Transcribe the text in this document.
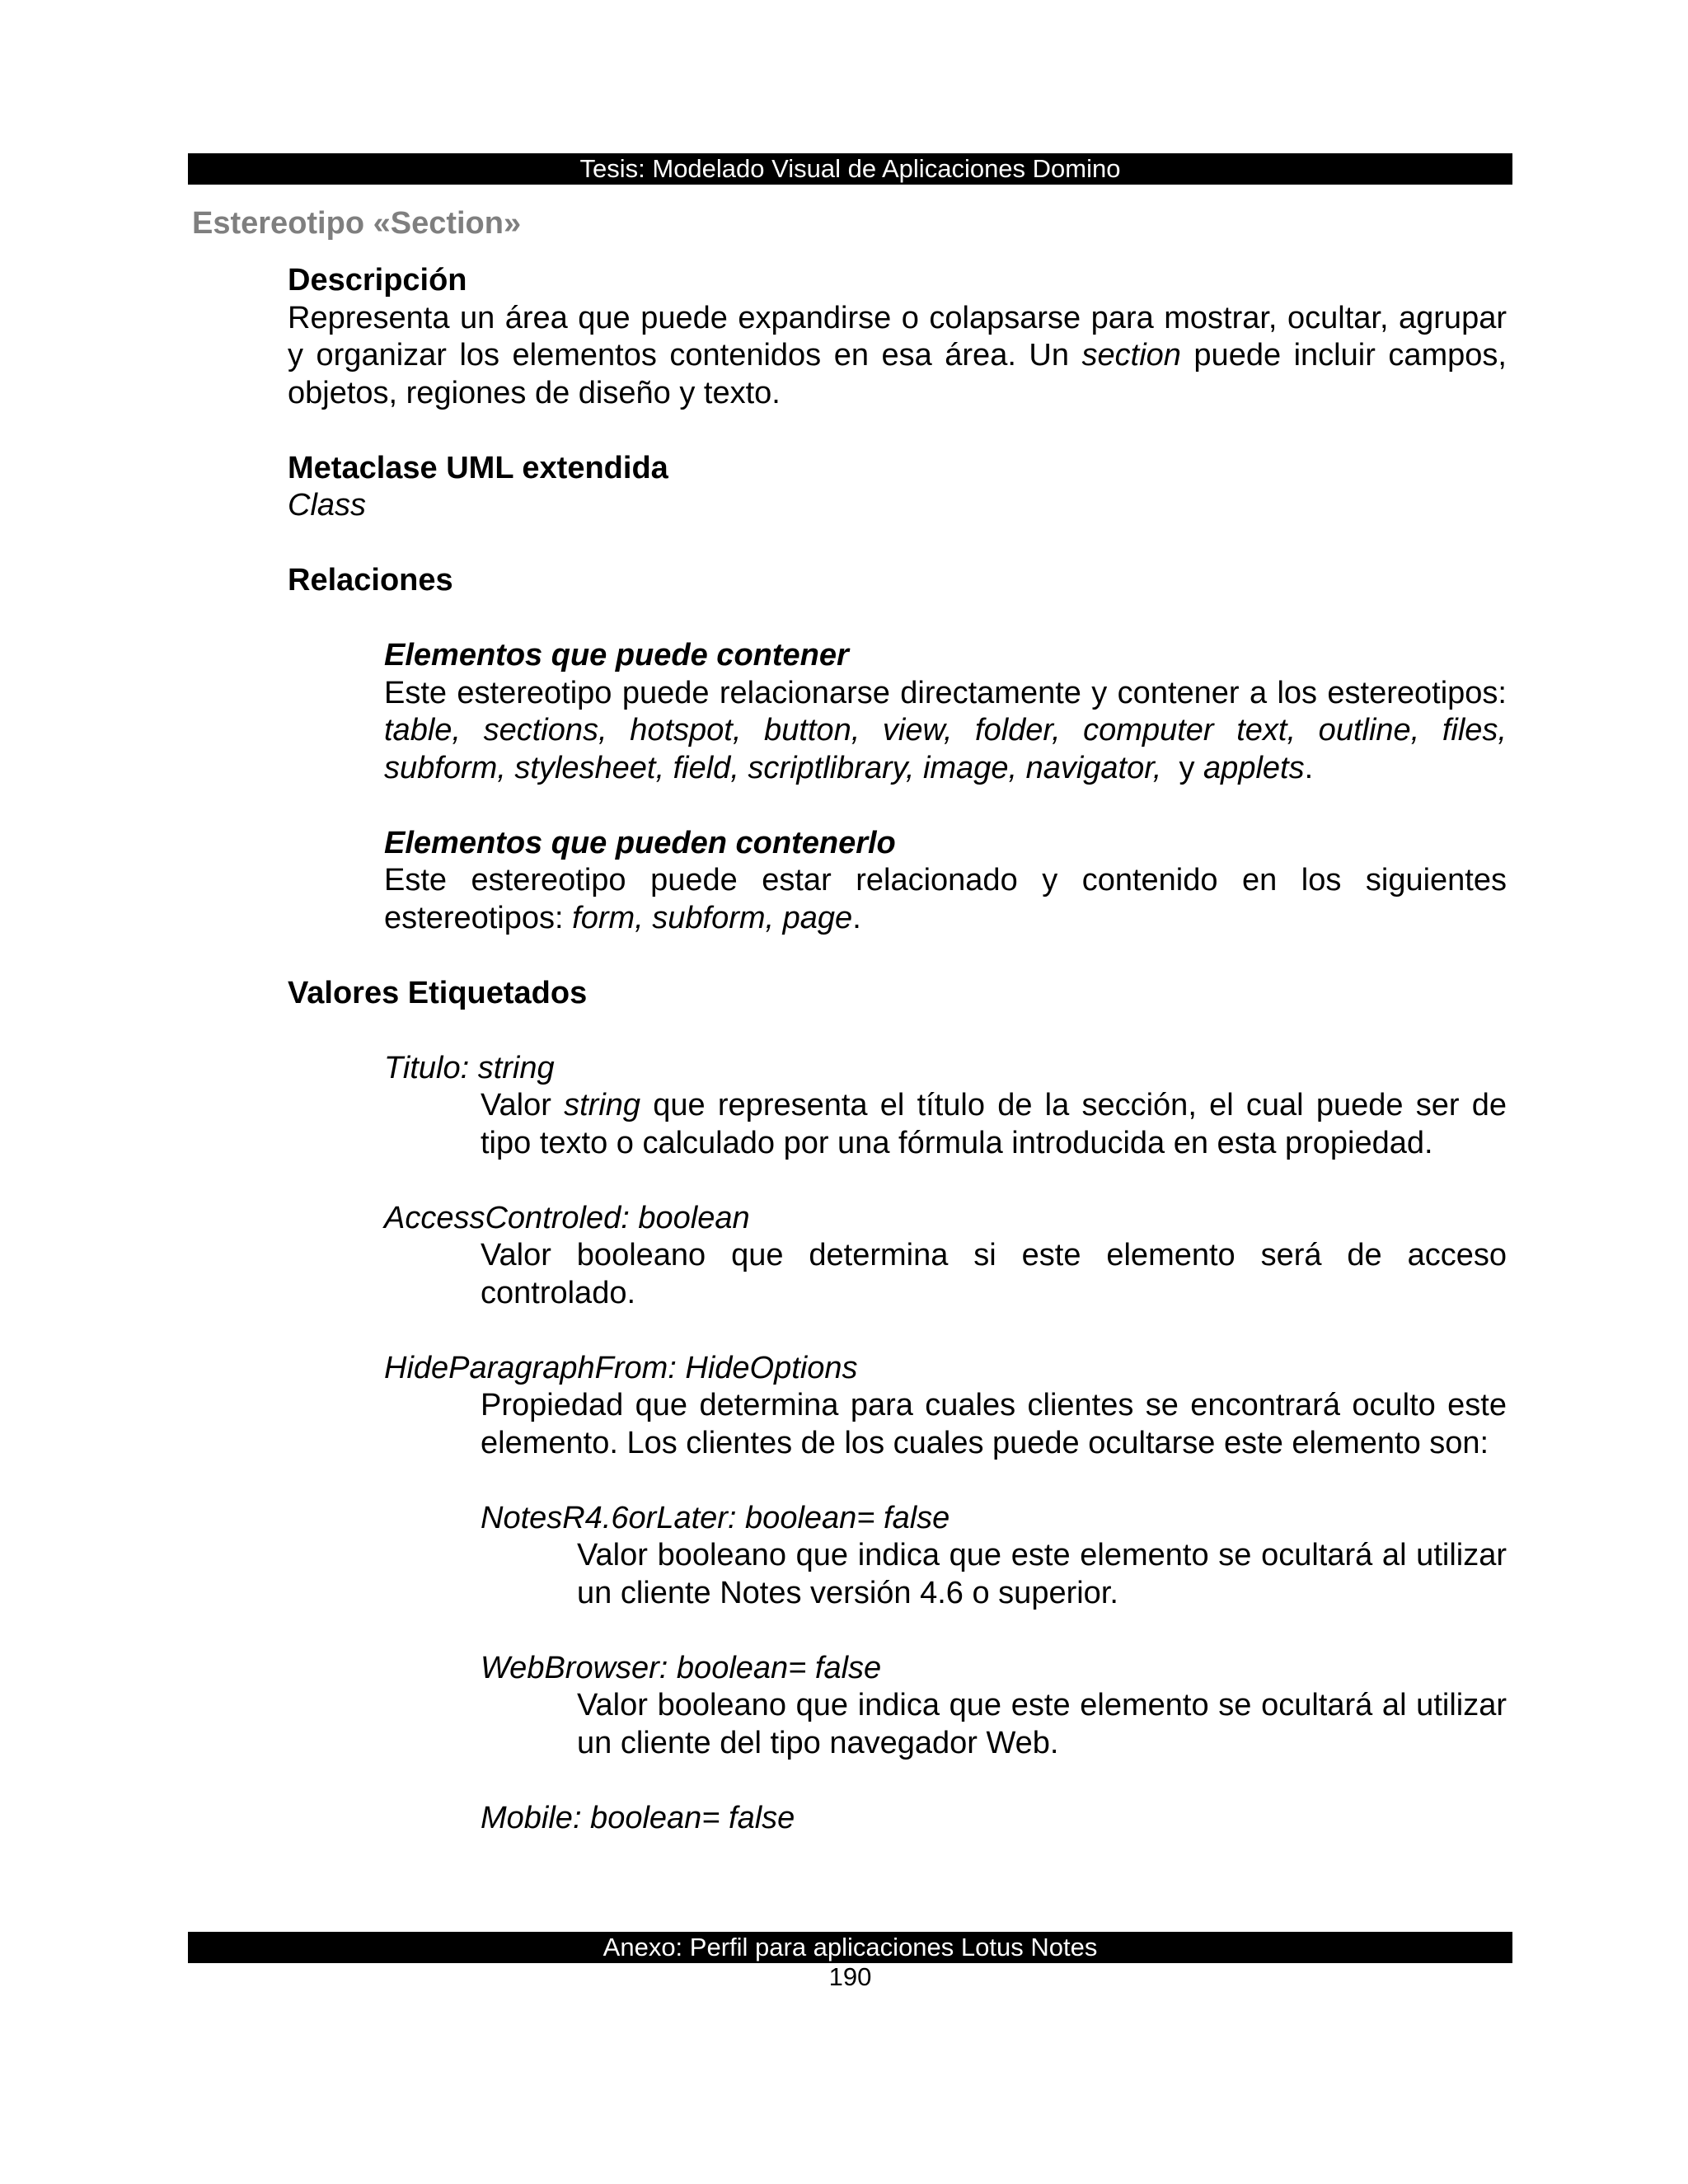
Tesis: Modelado Visual de Aplicaciones Domino
Estereotipo «Section»

Descripción

Representa un área que puede expandirse o colapsarse para mostrar, ocultar, agrupar y organizar los elementos contenidos en esa área. Un section puede incluir campos, objetos, regiones de diseño y texto.

Metaclase UML extendida

Class

Relaciones

Elementos que puede contener

Este estereotipo puede relacionarse directamente y contener a los estereotipos: table, sections, hotspot, button, view, folder, computer text, outline, files, subform, stylesheet, field, scriptlibrary, image, navigator,  y applets.

Elementos que pueden contenerlo

Este estereotipo puede estar relacionado y contenido en los siguientes estereotipos: form, subform, page.

Valores Etiquetados

Titulo: string

Valor string que representa el título de la sección, el cual puede ser de tipo texto o calculado por una fórmula introducida en esta propiedad.

AccessControled: boolean

Valor booleano que determina si este elemento será de acceso controlado.

HideParagraphFrom: HideOptions

Propiedad que determina para cuales clientes se encontrará oculto este elemento. Los clientes de los cuales puede ocultarse este elemento son:

NotesR4.6orLater: boolean= false

Valor booleano que indica que este elemento se ocultará al utilizar un cliente Notes versión 4.6 o superior.

WebBrowser: boolean= false

Valor booleano que indica que este elemento se ocultará al utilizar un cliente del tipo navegador Web.

Mobile: boolean= false

Anexo: Perfil para aplicaciones Lotus Notes
190
